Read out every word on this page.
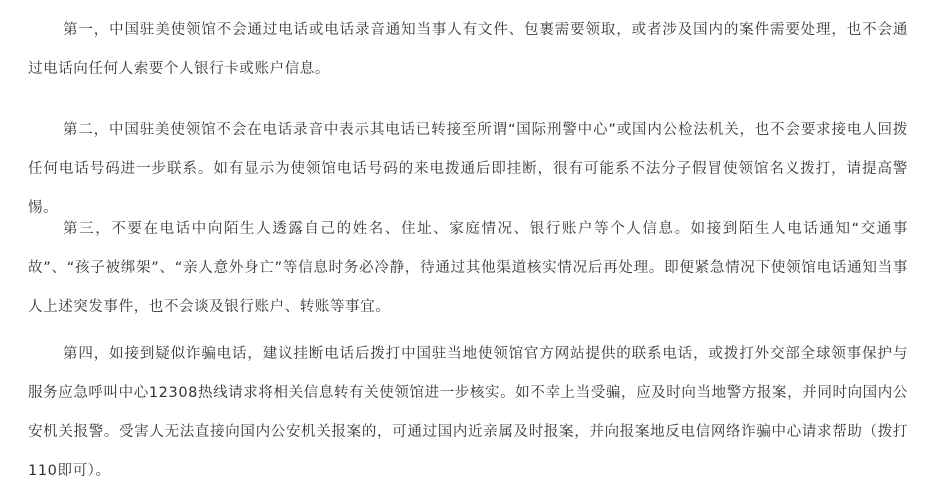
第一，中国驻美使领馆不会通过电话或电话录音通知当事人有文件、包裹需要领取，或者涉及国内的案件需要处理，也不会通过电话向任何人索要个人银行卡或账户信息。

第二，中国驻美使领馆不会在电话录音中表示其电话已转接至所谓“国际刑警中心”或国内公检法机关，也不会要求接电人回拨任何电话号码进一步联系。如有显示为使领馆电话号码的来电拨通后即挂断，很有可能系不法分子假冒使领馆名义拨打，请提高警惕。

第三，不要在电话中向陌生人透露自己的姓名、住址、家庭情况、银行账户等个人信息。如接到陌生人电话通知“交通事故”、“孩子被绑架”、“亲人意外身亡”等信息时务必冷静，待通过其他渠道核实情况后再处理。即便紧急情况下使领馆电话通知当事人上述突发事件，也不会谈及银行账户、转账等事宜。

第四，如接到疑似诈骗电话，建议挂断电话后拨打中国驻当地使领馆官方网站提供的联系电话，或拨打外交部全球领事保护与服务应急呼叫中心12308热线请求将相关信息转有关使领馆进一步核实。如不幸上当受骗，应及时向当地警方报案，并同时向国内公安机关报警。受害人无法直接向国内公安机关报案的，可通过国内近亲属及时报案，并向报案地反电信网络诈骗中心请求帮助（拨打110即可）。
